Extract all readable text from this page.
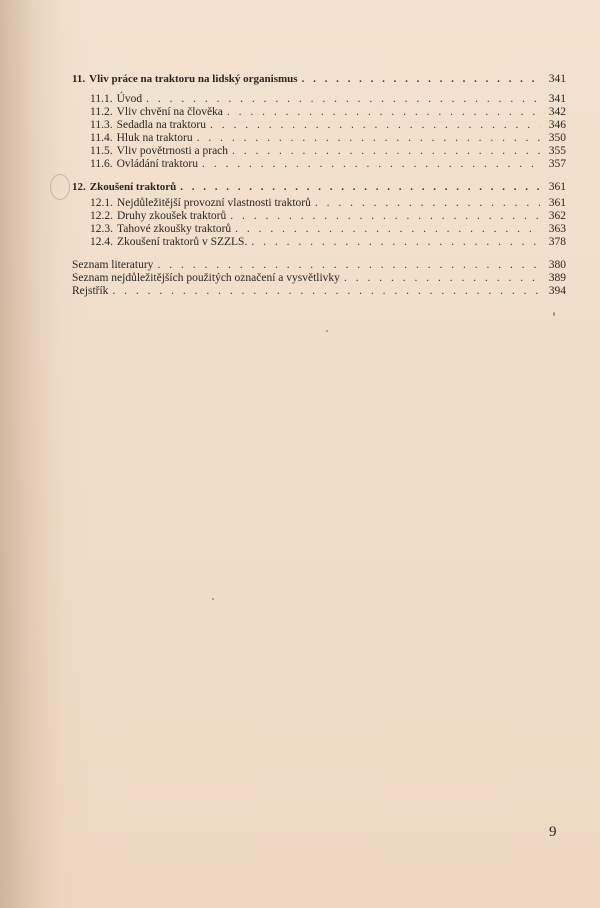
11. Vliv práce na traktoru na lidský organismus . . .	341
11.1. Úvod . . .	341
11.2. Vliv chvění na člověka . . .	342
11.3. Sedadla na traktoru . . .	346
11.4. Hluk na traktoru . . .	350
11.5. Vliv povětrnosti a prach . . .	355
11.6. Ovládání traktoru . . .	357
12. Zkoušení traktorů . . .	361
12.1. Nejdůležitější provozní vlastnosti traktorů . . .	361
12.2. Druhy zkoušek traktorů . . .	362
12.3. Tahové zkoušky traktorů . . .	363
12.4. Zkoušení traktorů v SZZLS. . . .	378
Seznam literatury . . .	380
Seznam nejdůležitějších použitých označení a vysvětlivky . . .	389
Rejstřík . . .	394
9
